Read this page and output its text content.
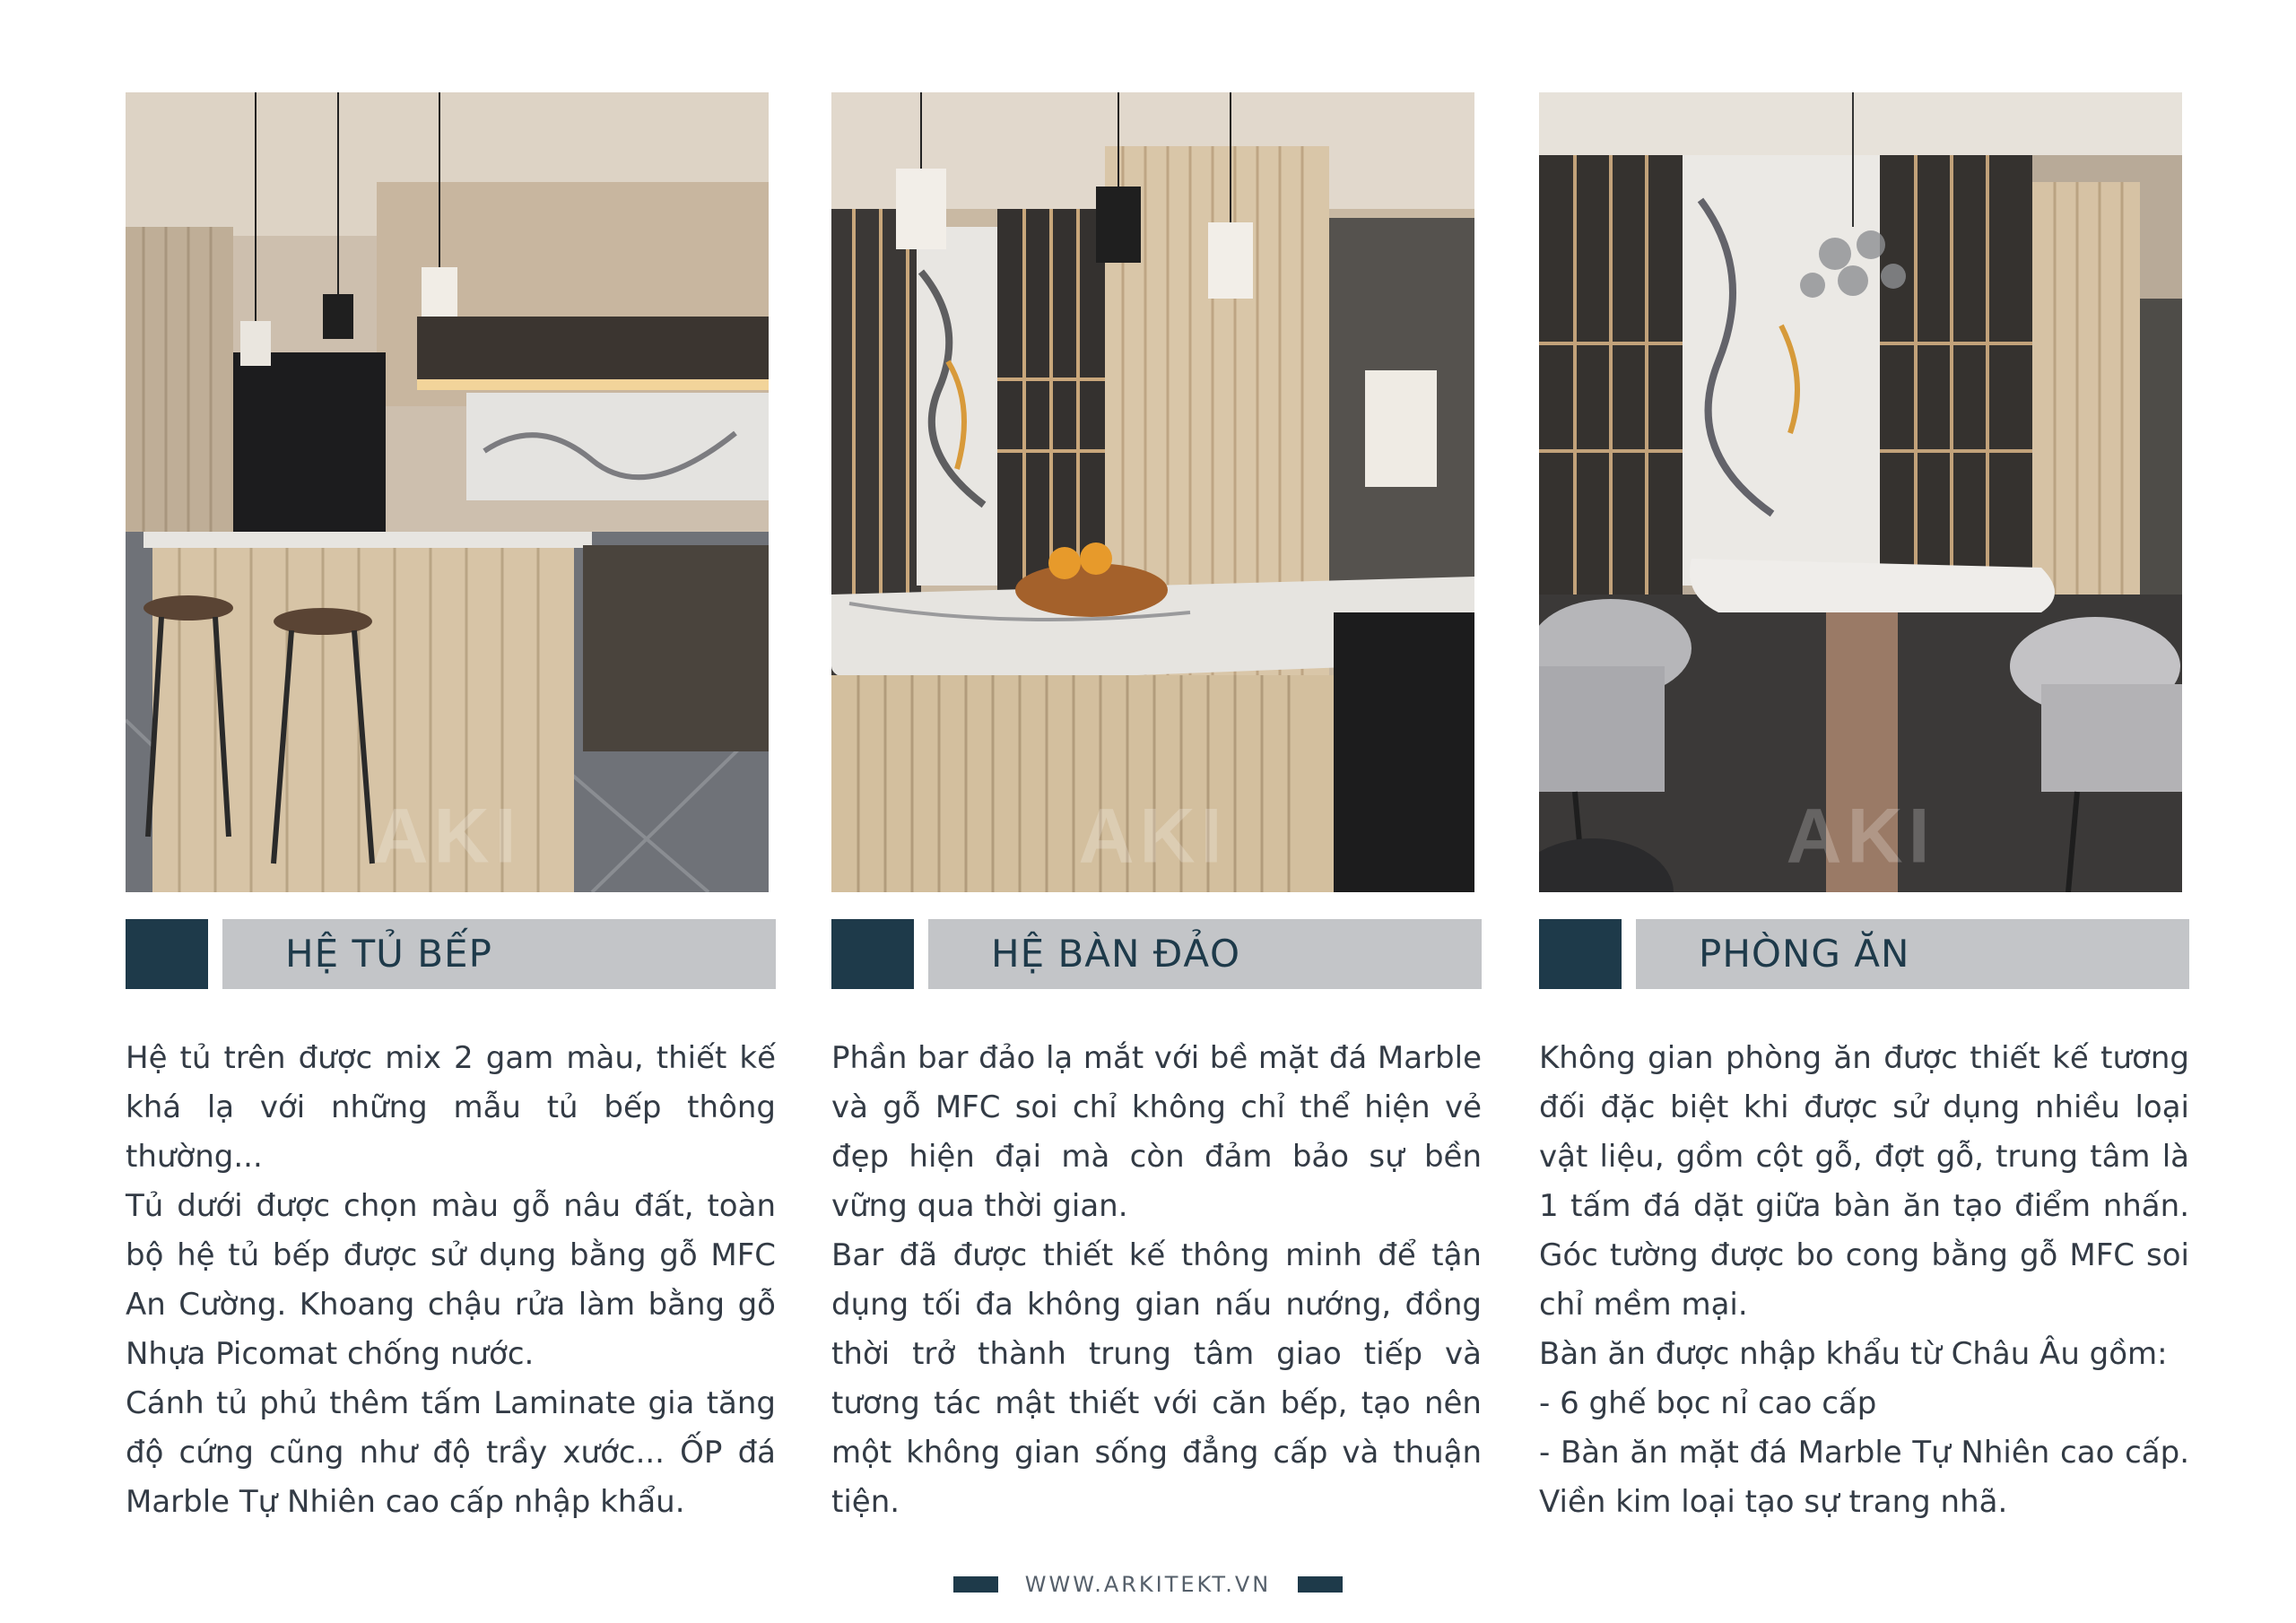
AKI
HỆ TỦ BẾP

Hệ tủ trên được mix 2 gam màu, thiết kế khá lạ với những mẫu tủ bếp thông thường...

Tủ dưới được chọn màu gỗ nâu đất, toàn bộ hệ tủ bếp được sử dụng bằng gỗ MFC An Cường. Khoang chậu rửa làm bằng gỗ Nhựa Picomat chống nước.

Cánh tủ phủ thêm tấm Laminate gia tăng độ cứng cũng như độ trầy xước... ỐP đá Marble Tự Nhiên cao cấp nhập khẩu.

AKI
HỆ BÀN ĐẢO

Phần bar đảo lạ mắt với bề mặt đá Marble và gỗ MFC soi chỉ không chỉ thể hiện vẻ đẹp hiện đại mà còn đảm bảo sự bền vững qua thời gian.

Bar đã được thiết kế thông minh để tận dụng tối đa không gian nấu nướng, đồng thời trở thành trung tâm giao tiếp và tương tác mật thiết với căn bếp, tạo nên một không gian sống đẳng cấp và thuận tiện.

AKI
PHÒNG ĂN

Không gian phòng ăn được thiết kế tương đối đặc biệt khi được sử dụng nhiều loại vật liệu, gồm cột gỗ, đợt gỗ, trung tâm là 1 tấm đá dặt giữa bàn ăn tạo điểm nhấn. Góc tường được bo cong bằng gỗ MFC soi chỉ mềm mại.

Bàn ăn được nhập khẩu từ Châu Âu gồm:

- 6 ghế bọc nỉ cao cấp

- Bàn ăn mặt đá Marble Tự Nhiên cao cấp. Viền kim loại tạo sự trang nhã.

WWW.ARKITEKT.VN
